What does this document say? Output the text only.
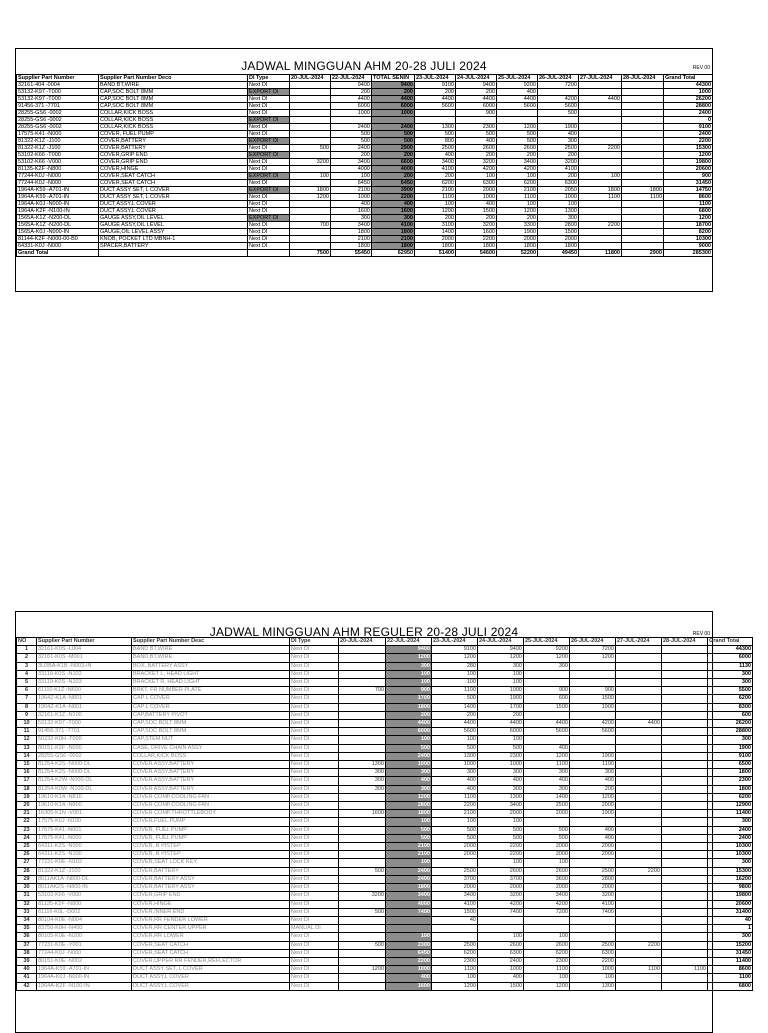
JADWAL MINGGUAN AHM 20-28 JULI 2024	REV 00
Supplier Part Number	Supplier Part Number Deco	DI Type	20-JUL-2024	22-JUL-2024	TOTAL SENIN	23-JUL-2024	24-JUL-2024	25-JUL-2024	26-JUL-2024	27-JUL-2024	28-JUL-2024	Grand Total
32161-404 -0004	BAND BT,WIRE	Next DI		9400	9400	9100	9400	9200	7200			44300
53132-K97 -T000	CAP,SOC BOLT 8MM	EXPORT DI		200	200	200	200	400				1000
53132-K97 -T000	CAP,SOC BOLT 8MM	Next DI		4400	4400	4400	4400	4400	4200	4400		26200
91456-371 -7701	CAP,SOC BOLT 8MM	Next DI		6000	6000	5600	6000	5600	5600			28800
28255-GS6 -0002	COLLAR,KICK BOSS	Next DI		1000	1000		900		500			2400
28255-GS6 -0002	COLLAR,KICK BOSS	EXPORT DI										0
28255-GS6 -0002	COLLAR,KICK BOSS	Next DI		2400	2400	1300	2300	1200	1900			9100
17575-K41 -N000	COVER, FUEL PUMP	Next DI		500	500	500	500	500	400			2400
81322-K1Z -J100	COVER,BATTERY	EXPORT DI		500	500	800	400	500	300			2200
81322-K1Z -J100	COVER,BATTERY	Next DI	500	2400	2900	2500	2600	2600	2500	2200		15300
53102-K66 -T000	COVER,GRIP END	EXPORT DI		200	200	400	200	200	200			1200
53102-K66 -V000	COVER,GRIP END	Next DI	3200	3400	6600	3400	3200	3400	3200			19800
81135-K2F -N800	COVER,HINGE	Next DI		4000	4000	4100	4200	4200	4100			20600
77244-K0J -N000	COVER,SEAT CATCH	EXPORT DI	100	100	200	200	100	100	200	100		900
77244-K0J -N000	COVER,SEAT CATCH	Next DI		6450	6450	6200	6300	6200	6300			31450
1964A-K59 -A701-IN	DUCT ASSY SET, L COVER	EXPORT DI	1800	2100	3900	2100	2000	2100	2050	1800	1800	14750
1964A-K59 -A701-IN	DUCT ASSY SET, L COVER	Next DI	1200	1000	2200	1100	1000	1100	1000	1100	1100	8600
1964A-K0J -N000-IN	DUCT ASSY,L COVER	Next DI		400	400	100	400	100	100			1100
1964A-K2F -N100-IN	DUCT ASSY,L COVER	Next DI		1600	1600	1200	1500	1200	1300			6800
1565A-K1Z -N200-DL	GAUGE ASSY,OIL LEVEL	EXPORT DI		300	300	200	200	200	300			1200
1565A-K1Z -N200-DL	GAUGE ASSY,OIL LEVEL	Next DI	700	3400	4100	3100	3200	3300	2800	2200		18700
1565A-K0J -N000-IN	GAUGE,OIL LEVEL ASSY	Next DI		1800	1800	1400	1600	1900	1500			8200
81144-K2F -N000-00-B0	KNOB, POCKET LTD MBNH-1	Next DI		2100	2100	2000	2200	2000	2000			10300
64331-K0J -N000	SPACER,BATTERY	Next DI		1800	1800	1800	1800	1800	1800			9000
Grand Total			7500	55450	62950	51400	54600	52200	49450	11800	2900	285300
JADWAL MINGGUAN AHM REGULER 20-28 JULI 2024	REV 00
NO	Supplier Part Number	Supplier Part Number Desc	DI Type	20-JUL-2024	22-JUL-2024	23-JUL-2024	24-JUL-2024	25-JUL-2024	26-JUL-2024	27-JUL-2024	28-JUL-2024	Grand Total
1	32161-K0S -L004	BAND BT,WIRE	Next DI		9400	9100	9400	9200	7200			44300
2	32161-K0S -M001	BAND BT,WIRE	Next DI		1200	1200	1200	1200	1200			6000
3	3U3BA-K1B -N003-IN	BOX, BATTERY ASSY	Next DI		300	280	300	300				1130
4	33119-K0S -N102	BRACKET L, HEAD LIGHT	Next DI		100	100	100					300
5	33119-K0S -N103	BRACKET R, HEAD LIGHT	Next DI		100	100	100					300
6	61110-K1Z -N600	BRKT, FR NUMBER PLATE	Next DI	700	900	1100	1000	900	900			5500
7	1964Z-K1A -N801	CAP L COVER	Next DI		1700	500	1900	600	1500			6200
8	1964Z-K1A -N801	CAP L COVER	Next DI		1800	1400	1700	1500	1900			8300
9	32161-K1Z -N100	CAP,BATTERY PIVOT	Next DI		200	200	200					600
10	53132-K97 -T000	CAP,SOC BOLT 8MM	Next DI		4400	4400	4400	4400	4200	4400		26200
11	91456-371 -7701	CAP,SOC BOLT 8MM	Next DI		6000	5600	6000	5600	5600			28800
12	50232-K0H -T000	CAP,STEM NUT	Next DI		100	100	100					300
13	80151-K2F -N000	CASE, DRIVE CHAIN ASSY	Next DI		500	500	500	400				1900
14	28255-GS6 -0002	COLLAR,KICK BOSS	Next DI		2400	1300	2300	1200	1900			9100
15	81254-K2S -N000-DL	COVER ASSY,BATTERY	Next DI	1300	1000	1000	1000	1100	1100			6500
16	81254-K2S -N000-DL	COVER ASSY,BATTERY	Next DI	300	300	300	300	300	300			1800
17	81254-K2W -N000-DL	COVER ASSY,BATTERY	Next DI	300	400	400	400	400	400			2300
18	81254-K0W -N100-DL	COVER ASSY,BATTERY	Next DI	300	300	400	300	300	200			1800
19	19610-K1A -N810	COVER COMP,COOLING FAN	Next DI		1200	1100	1300	1400	1200			6200
20	19610-K1A -N800	COVER COMP,COOLING FAN	Next DI		2800	2200	3400	2500	2000			12900
21	16305-K1N -V001	COVER COMP,THROTTLEBODY	Next DI	1600	1800	2100	2000	2000	1900			11400
22	17575-K0J -N100	COVER,FUEL PUMP	Next DI		100	100	100					300
23	17575-K41 -N001	COVER, FUEL PUMP	Next DI		500	500	500	500	400			2400
24	17575-K41 -N000	COVER, FUEL PUMP	Next DI		500	500	500	500	400			2400
25	64311-K2S -N000	COVER, R PISTEP	Next DI		2100	2000	2200	2000	2000			10300
26	64311-K2S -N100	COVER, R PISTEP	Next DI		2100	2000	2200	2000	2000			10300
27	77231-K0E -N102	COVER,SEAT LOCK KEY	Next DI		100		100	100				300
28	81322-K1Z -J100	COVER,BATTERY	Next DI	500	2400	2500	2600	2600	2500	2200		15300
29	8011AK1A -N800-DL	COVER,BATTERY ASSY	Next DI		2400	3700	3700	3600	2800			16200
30	8011AK2S -N800-IN	COVER,BATTERY ASSY	Next DI		1800	2000	2000	2000	2000			9800
31	53102-K66 -V000	COVER,GRIP END	Next DI	3200	3400	3400	3200	3400	3200			19800
32	81135-K2F -N800	COVER,HINGE	Next DI		4000	4100	4200	4200	4100			20600
33	61116-K0L -D002	COVER,INNER END	Next DI	500	7400	1500	7400	7200	7400			31400
34	80104-K0E -N004	COVER,RR FENDER LOWER	Next DI			40						40
35	83750-K0H -N400	COVER,RR CENTER UPPER	MANUAL DI									1
36	80105-K0E -N200	COVER,RR LOWER	Next DI		100		100	100				300
37	77231-K0E -Y001	COVER,SEAT CATCH	Next DI	500	2300	2500	2600	2600	2500	2200		15200
38	77244-K0J -N000	COVER,SEAT CATCH	Next DI		6450	6200	6300	6200	6300			31450
39	80151-K0E -N002	COVER,UPPER RR FENDER,REFLECTOR	Next DI		2200	2300	2400	2300	2200			11400
40	1964A-K59 -A701-IN	DUCT ASSY SET, L COVER	Next DI	1200	1000	1100	1000	1100	1000	1100	1100	8600
41	1964A-K0J -N000-IN	DUCT ASSY,L COVER	Next DI		400	100	400	100	100			1100
42	1964A-K2F -N100-IN	DUCT ASSY,L COVER	Next DI		1600	1200	1500	1200	1300			6800
